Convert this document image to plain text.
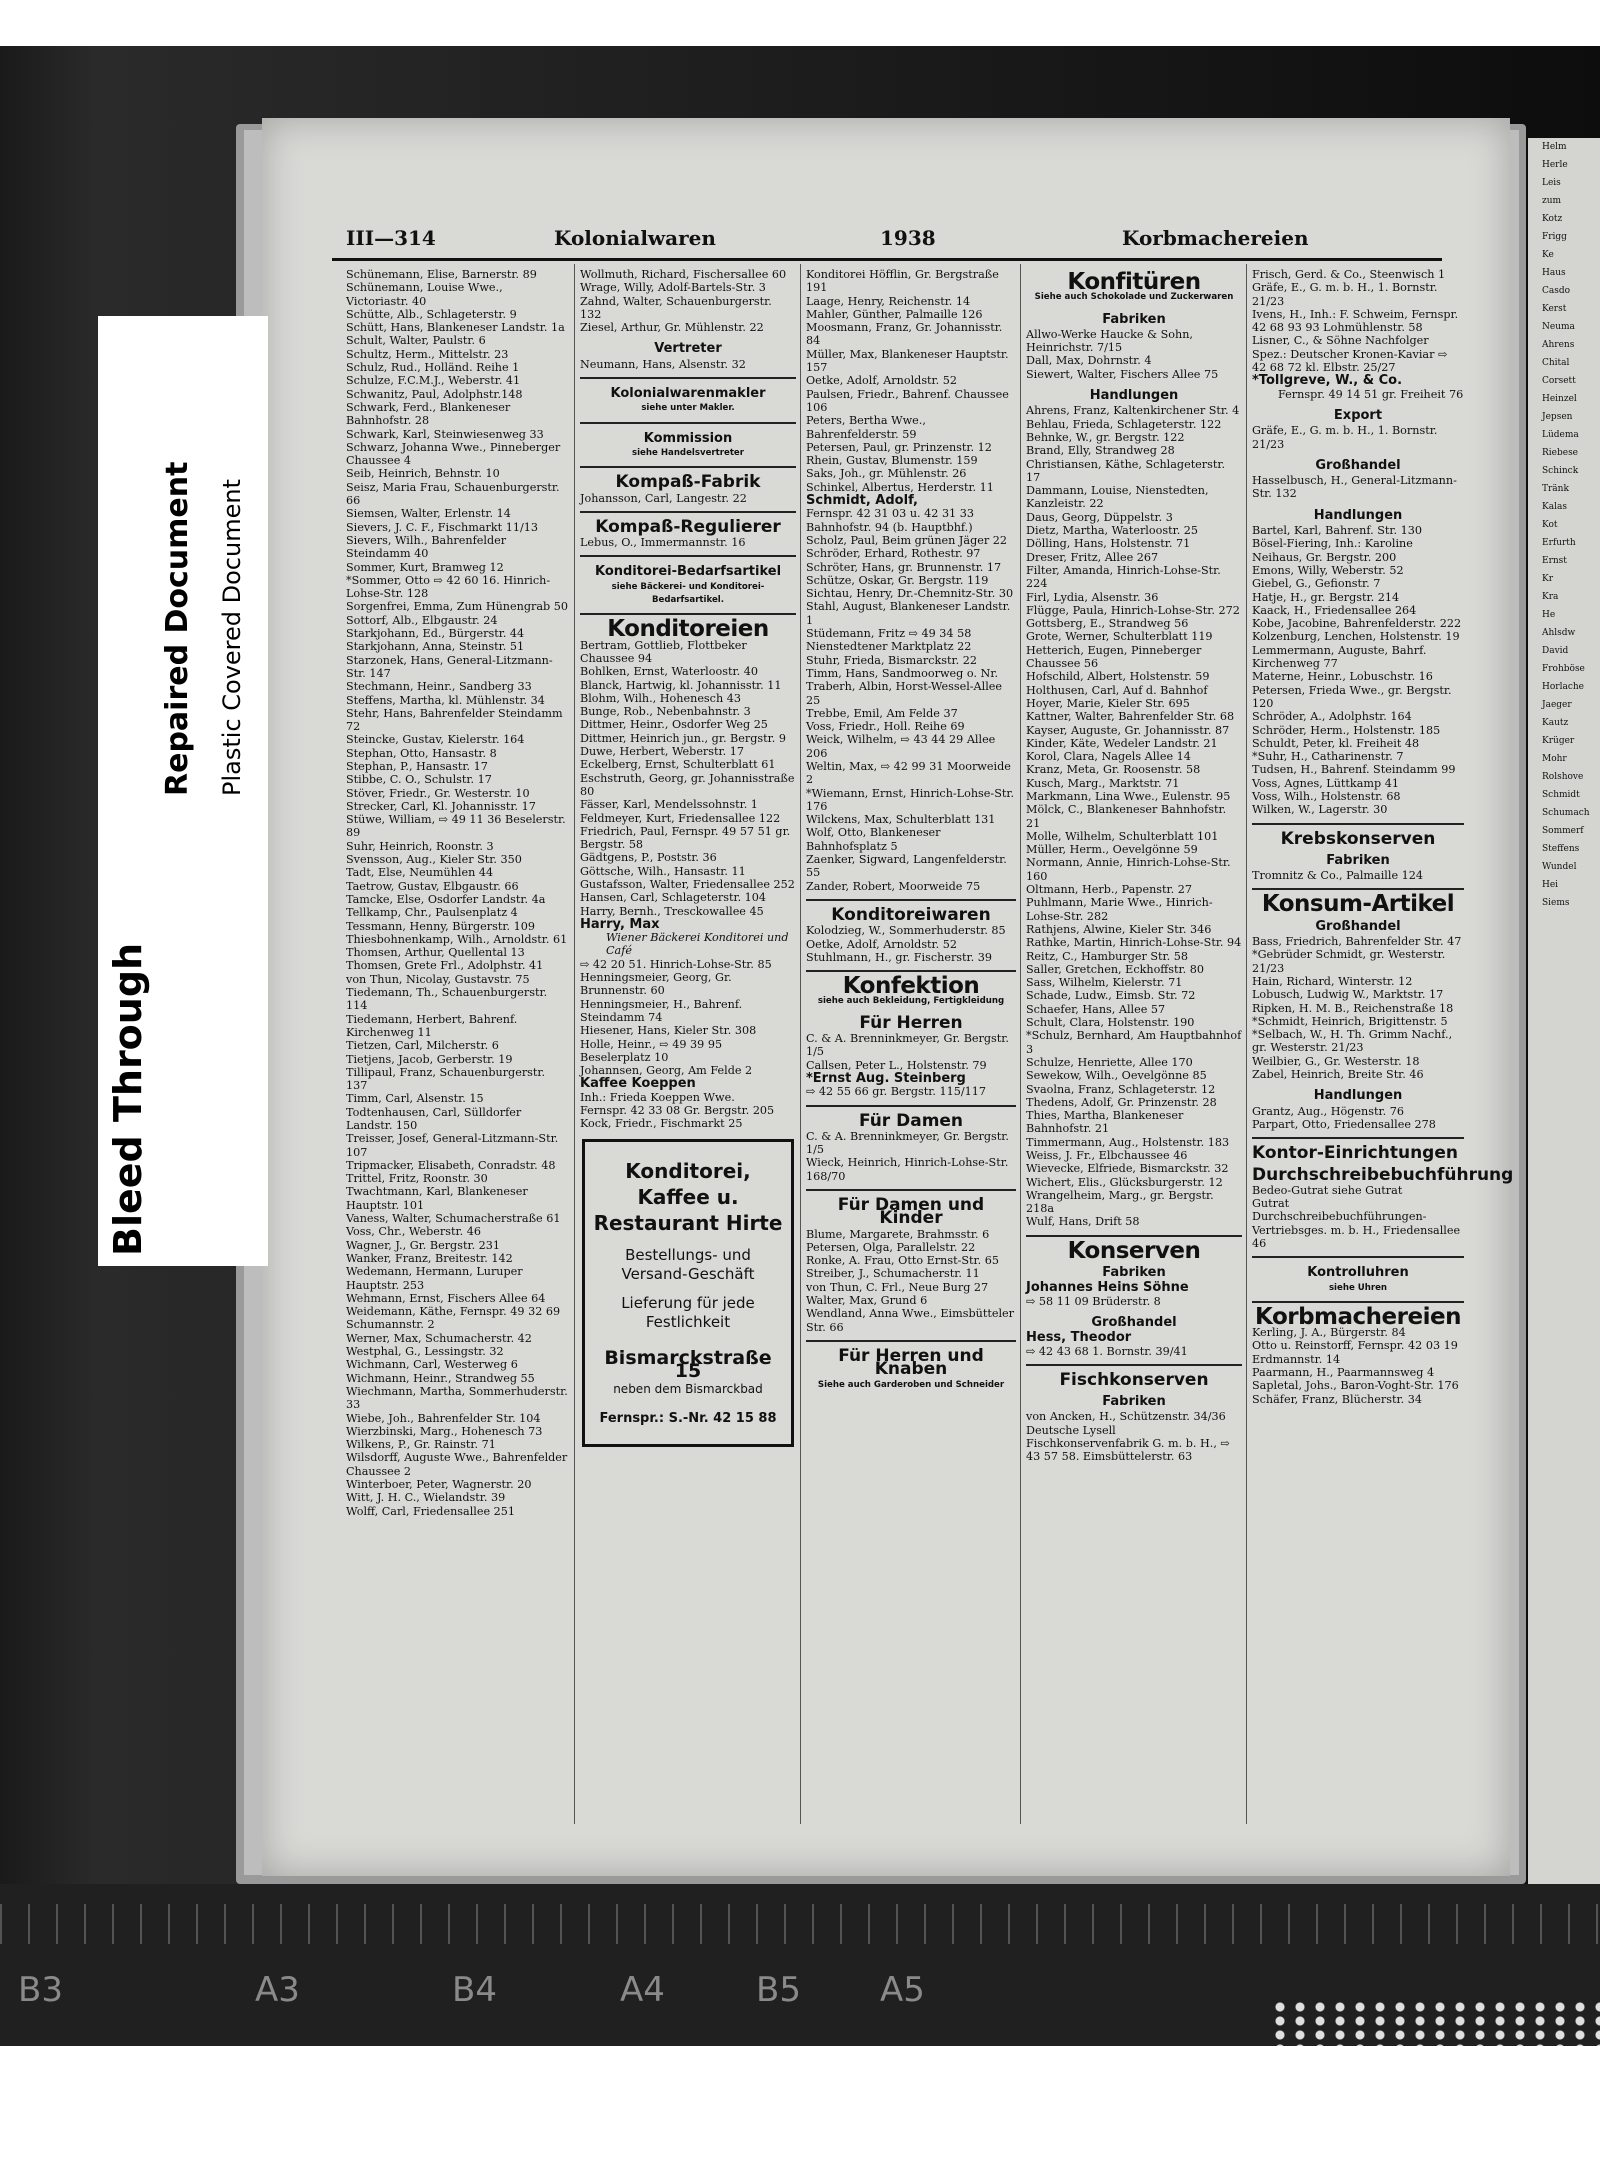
III—314	Kolonialwaren	1938	Korbmachereien

Schünemann, Elise, Barnerstr. 89

Schünemann, Louise Wwe., Victoriastr. 40

Schütte, Alb., Schlageterstr. 9

Schütt, Hans, Blankeneser Landstr. 1a

Schult, Walter, Paulstr. 6

Schultz, Herm., Mittelstr. 23

Schulz, Rud., Holländ. Reihe 1

Schulze, F.C.M.J., Weberstr. 41

Schwanitz, Paul, Adolphstr.148

Schwark, Ferd., Blankeneser Bahnhofstr. 28

Schwark, Karl, Steinwiesenweg 33

Schwarz, Johanna Wwe., Pinneberger Chaussee 4

Seib, Heinrich, Behnstr. 10

Seisz, Maria Frau, Schauenburgerstr. 66

Siemsen, Walter, Erlenstr. 14

Sievers, J. C. F., Fischmarkt 11/13

Sievers, Wilh., Bahrenfelder Steindamm 40

Sommer, Kurt, Bramweg 12

*Sommer, Otto ⇨ 42 60 16. Hinrich-Lohse-Str. 128

Sorgenfrei, Emma, Zum Hünengrab 50

Sottorf, Alb., Elbgaustr. 24

Starkjohann, Ed., Bürgerstr. 44

Starkjohann, Anna, Steinstr. 51

Starzonek, Hans, General-Litzmann-Str. 147

Stechmann, Heinr., Sandberg 33

Steffens, Martha, kl. Mühlenstr. 34

Stehr, Hans, Bahrenfelder Steindamm 72

Steincke, Gustav, Kielerstr. 164

Stephan, Otto, Hansastr. 8

Stephan, P., Hansastr. 17

Stibbe, C. O., Schulstr. 17

Stöver, Friedr., Gr. Westerstr. 10

Strecker, Carl, Kl. Johannisstr. 17

Stüwe, William, ⇨ 49 11 36 Beselerstr. 89

Suhr, Heinrich, Roonstr. 3

Svensson, Aug., Kieler Str. 350

Tadt, Else, Neumühlen 44

Taetrow, Gustav, Elbgaustr. 66

Tamcke, Else, Osdorfer Landstr. 4a

Tellkamp, Chr., Paulsenplatz 4

Tessmann, Henny, Bürgerstr. 109

Thiesbohnenkamp, Wilh., Arnoldstr. 61

Thomsen, Arthur, Quellental 13

Thomsen, Grete Frl., Adolphstr. 41

von Thun, Nicolay, Gustavstr. 75

Tiedemann, Th., Schauenburgerstr. 114

Tiedemann, Herbert, Bahrenf. Kirchenweg 11

Tietzen, Carl, Milcherstr. 6

Tietjens, Jacob, Gerberstr. 19

Tillipaul, Franz, Schauenburgerstr. 137

Timm, Carl, Alsenstr. 15

Todtenhausen, Carl, Sülldorfer Landstr. 150

Treisser, Josef, General-Litzmann-Str. 107

Tripmacker, Elisabeth, Conradstr. 48

Trittel, Fritz, Roonstr. 30

Twachtmann, Karl, Blankeneser Hauptstr. 101

Vaness, Walter, Schumacherstraße 61

Voss, Chr., Weberstr. 46

Wagner, J., Gr. Bergstr. 231

Wanker, Franz, Breitestr. 142

Wedemann, Hermann, Luruper Hauptstr. 253

Wehmann, Ernst, Fischers Allee 64

Weidemann, Käthe, Fernspr. 49 32 69 Schumannstr. 2

Werner, Max, Schumacherstr. 42

Westphal, G., Lessingstr. 32

Wichmann, Carl, Westerweg 6

Wichmann, Heinr., Strandweg 55

Wiechmann, Martha, Sommerhuderstr. 33

Wiebe, Joh., Bahrenfelder Str. 104

Wierzbinski, Marg., Hohenesch 73

Wilkens, P., Gr. Rainstr. 71

Wilsdorff, Auguste Wwe., Bahrenfelder Chaussee 2

Winterboer, Peter, Wagnerstr. 20

Witt, J. H. C., Wielandstr. 39

Wolff, Carl, Friedensallee 251

Wollmuth, Richard, Fischersallee 60

Wrage, Willy, Adolf-Bartels-Str. 3

Zahnd, Walter, Schauenburgerstr. 132

Ziesel, Arthur, Gr. Mühlenstr. 22

Vertreter

Neumann, Hans, Alsenstr. 32

Kolonialwarenmakler
siehe unter Makler.
Kommission
siehe Handelsvertreter
Kompaß-Fabrik

Johansson, Carl, Langestr. 22

Kompaß-Regulierer

Lebus, O., Immermannstr. 16

Konditorei-Bedarfsartikel
siehe Bäckerei- und Konditorei-Bedarfsartikel.
Konditoreien

Bertram, Gottlieb, Flottbeker Chaussee 94

Bohlken, Ernst, Waterloostr. 40

Blanck, Hartwig, kl. Johannisstr. 11

Blohm, Wilh., Hohenesch 43

Bunge, Rob., Nebenbahnstr. 3

Dittmer, Heinr., Osdorfer Weg 25

Dittmer, Heinrich jun., gr. Bergstr. 9

Duwe, Herbert, Weberstr. 17

Eckelberg, Ernst, Schulterblatt 61

Eschstruth, Georg, gr. Johannisstraße 80

Fässer, Karl, Mendelssohnstr. 1

Feldmeyer, Kurt, Friedensallee 122

Friedrich, Paul, Fernspr. 49 57 51 gr. Bergstr. 58

Gädtgens, P., Poststr. 36

Göttsche, Wilh., Hansastr. 11

Gustafsson, Walter, Friedensallee 252

Hansen, Carl, Schlageterstr. 104

Harry, Bernh., Tresckowallee 45

Harry, Max

Wiener Bäckerei Konditorei und Café

⇨ 42 20 51. Hinrich-Lohse-Str. 85

Henningsmeier, Georg, Gr. Brunnenstr. 60

Henningsmeier, H., Bahrenf. Steindamm 74

Hiesener, Hans, Kieler Str. 308

Holle, Heinr., ⇨ 49 39 95 Beselerplatz 10

Johannsen, Georg, Am Felde 2

Kaffee Koeppen

Inh.: Frieda Koeppen Wwe.

Fernspr. 42 33 08 Gr. Bergstr. 205

Kock, Friedr., Fischmarkt 25

Konditorei, Kaffee u. Restaurant Hirte
Bestellungs- und Versand-Geschäft
Lieferung für jede Festlichkeit
Bismarckstraße 15
neben dem Bismarckbad
Fernspr.: S.-Nr. 42 15 88

Konditorei Höfflin, Gr. Bergstraße 191

Laage, Henry, Reichenstr. 14

Mahler, Günther, Palmaille 126

Moosmann, Franz, Gr. Johannisstr. 84

Müller, Max, Blankeneser Hauptstr. 157

Oetke, Adolf, Arnoldstr. 52

Paulsen, Friedr., Bahrenf. Chaussee 106

Peters, Bertha Wwe., Bahrenfelderstr. 59

Petersen, Paul, gr. Prinzenstr. 12

Rhein, Gustav, Blumenstr. 159

Saks, Joh., gr. Mühlenstr. 26

Schinkel, Albertus, Herderstr. 11

Schmidt, Adolf,

Fernspr. 42 31 03 u. 42 31 33

Bahnhofstr. 94 (b. Hauptbhf.)

Scholz, Paul, Beim grünen Jäger 22

Schröder, Erhard, Rothestr. 97

Schröter, Hans, gr. Brunnenstr. 17

Schütze, Oskar, Gr. Bergstr. 119

Sichtau, Henry, Dr.-Chemnitz-Str. 30

Stahl, August, Blankeneser Landstr. 1

Stüdemann, Fritz ⇨ 49 34 58 Nienstedtener Marktplatz 22

Stuhr, Frieda, Bismarckstr. 22

Timm, Hans, Sandmoorweg o. Nr.

Traberh, Albin, Horst-Wessel-Allee 25

Trebbe, Emil, Am Felde 37

Voss, Friedr., Holl. Reihe 69

Weick, Wilhelm, ⇨ 43 44 29 Allee 206

Weltin, Max, ⇨ 42 99 31 Moorweide 2

*Wiemann, Ernst, Hinrich-Lohse-Str. 176

Wilckens, Max, Schulterblatt 131

Wolf, Otto, Blankeneser Bahnhofsplatz 5

Zaenker, Sigward, Langenfelderstr. 55

Zander, Robert, Moorweide 75

Konditoreiwaren

Kolodzieg, W., Sommerhuderstr. 85

Oetke, Adolf, Arnoldstr. 52

Stuhlmann, H., gr. Fischerstr. 39

Konfektion
siehe auch Bekleidung, Fertigkleidung
Für Herren

C. & A. Brenninkmeyer, Gr. Bergstr. 1/5

Callsen, Peter L., Holstenstr. 79

*Ernst Aug. Steinberg

⇨ 42 55 66 gr. Bergstr. 115/117

Für Damen

C. & A. Brenninkmeyer, Gr. Bergstr. 1/5

Wieck, Heinrich, Hinrich-Lohse-Str. 168/70

Für Damen und Kinder

Blume, Margarete, Brahmsstr. 6

Petersen, Olga, Parallelstr. 22

Ronke, A. Frau, Otto Ernst-Str. 65

Streiber, J., Schumacherstr. 11

von Thun, C. Frl., Neue Burg 27

Walter, Max, Grund 6

Wendland, Anna Wwe., Eimsbütteler Str. 66

Für Herren und Knaben
Siehe auch Garderoben und Schneider
Konfitüren
Siehe auch Schokolade und Zuckerwaren
Fabriken

Allwo-Werke Haucke & Sohn, Heinrichstr. 7/15

Dall, Max, Dohrnstr. 4

Siewert, Walter, Fischers Allee 75

Handlungen

Ahrens, Franz, Kaltenkirchener Str. 4

Behlau, Frieda, Schlageterstr. 122

Behnke, W., gr. Bergstr. 122

Brand, Elly, Strandweg 28

Christiansen, Käthe, Schlageterstr. 17

Dammann, Louise, Nienstedten, Kanzleistr. 22

Daus, Georg, Düppelstr. 3

Dietz, Martha, Waterloostr. 25

Dölling, Hans, Holstenstr. 71

Dreser, Fritz, Allee 267

Filter, Amanda, Hinrich-Lohse-Str. 224

Firl, Lydia, Alsenstr. 36

Flügge, Paula, Hinrich-Lohse-Str. 272

Gottsberg, E., Strandweg 56

Grote, Werner, Schulterblatt 119

Hetterich, Eugen, Pinneberger Chaussee 56

Hofschild, Albert, Holstenstr. 59

Holthusen, Carl, Auf d. Bahnhof

Hoyer, Marie, Kieler Str. 695

Kattner, Walter, Bahrenfelder Str. 68

Kayser, Auguste, Gr. Johannisstr. 87

Kinder, Käte, Wedeler Landstr. 21

Korol, Clara, Nagels Allee 14

Kranz, Meta, Gr. Roosenstr. 58

Kusch, Marg., Marktstr. 71

Markmann, Lina Wwe., Eulenstr. 95

Mölck, C., Blankeneser Bahnhofstr. 21

Molle, Wilhelm, Schulterblatt 101

Müller, Herm., Oevelgönne 59

Normann, Annie, Hinrich-Lohse-Str. 160

Oltmann, Herb., Papenstr. 27

Puhlmann, Marie Wwe., Hinrich-Lohse-Str. 282

Rathjens, Alwine, Kieler Str. 346

Rathke, Martin, Hinrich-Lohse-Str. 94

Reitz, C., Hamburger Str. 58

Saller, Gretchen, Eckhoffstr. 80

Sass, Wilhelm, Kielerstr. 71

Schade, Ludw., Eimsb. Str. 72

Schaefer, Hans, Allee 57

Schult, Clara, Holstenstr. 190

*Schulz, Bernhard, Am Hauptbahnhof 3

Schulze, Henriette, Allee 170

Sewekow, Wilh., Oevelgönne 85

Svaolna, Franz, Schlageterstr. 12

Thedens, Adolf, Gr. Prinzenstr. 28

Thies, Martha, Blankeneser Bahnhofstr. 21

Timmermann, Aug., Holstenstr. 183

Weiss, J. Fr., Elbchaussee 46

Wievecke, Elfriede, Bismarckstr. 32

Wichert, Elis., Glücksburgerstr. 12

Wrangelheim, Marg., gr. Bergstr. 218a

Wulf, Hans, Drift 58

Konserven
Fabriken

Johannes Heins Söhne

⇨ 58 11 09 Brüderstr. 8

Großhandel

Hess, Theodor

⇨ 42 43 68 1. Bornstr. 39/41

Fischkonserven
Fabriken

von Ancken, H., Schützenstr. 34/36

Deutsche Lysell Fischkonservenfabrik G. m. b. H., ⇨ 43 57 58. Eimsbüttelerstr. 63

Frisch, Gerd. & Co., Steenwisch 1

Gräfe, E., G. m. b. H., 1. Bornstr. 21/23

Ivens, H., Inh.: F. Schweim, Fernspr. 42 68 93 93 Lohmühlenstr. 58

Lisner, C., & Söhne Nachfolger Spez.: Deutscher Kronen-Kaviar ⇨ 42 68 72 kl. Elbstr. 25/27

*Tollgreve, W., & Co.

Fernspr. 49 14 51 gr. Freiheit 76

Export

Gräfe, E., G. m. b. H., 1. Bornstr. 21/23

Großhandel

Hasselbusch, H., General-Litzmann-Str. 132

Handlungen

Bartel, Karl, Bahrenf. Str. 130

Bösel-Fiering, Inh.: Karoline Neihaus, Gr. Bergstr. 200

Emons, Willy, Weberstr. 52

Giebel, G., Gefionstr. 7

Hatje, H., gr. Bergstr. 214

Kaack, H., Friedensallee 264

Kobe, Jacobine, Bahrenfelderstr. 222

Kolzenburg, Lenchen, Holstenstr. 19

Lemmermann, Auguste, Bahrf. Kirchenweg 77

Materne, Heinr., Lobuschstr. 16

Petersen, Frieda Wwe., gr. Bergstr. 120

Schröder, A., Adolphstr. 164

Schröder, Herm., Holstenstr. 185

Schuldt, Peter, kl. Freiheit 48

*Suhr, H., Catharinenstr. 7

Tudsen, H., Bahrenf. Steindamm 99

Voss, Agnes, Lüttkamp 41

Voss, Wilh., Holstenstr. 68

Wilken, W., Lagerstr. 30

Krebskonserven
Fabriken

Tromnitz & Co., Palmaille 124

Konsum-Artikel
Großhandel

Bass, Friedrich, Bahrenfelder Str. 47

*Gebrüder Schmidt, gr. Westerstr. 21/23

Hain, Richard, Winterstr. 12

Lobusch, Ludwig W., Marktstr. 17

Ripken, H. M. B., Reichenstraße 18

*Schmidt, Heinrich, Brigittenstr. 5

*Selbach, W., H. Th. Grimm Nachf., gr. Westerstr. 21/23

Weilbier, G., Gr. Westerstr. 18

Zabel, Heinrich, Breite Str. 46

Handlungen

Grantz, Aug., Högenstr. 76

Parpart, Otto, Friedensallee 278

Kontor-Einrichtungen
Durchschreibebuchführung

Bedeo-Gutrat siehe Gutrat

Gutrat Durchschreibebuchführungen-Vertriebsges. m. b. H., Friedensallee 46

Kontrolluhren
siehe Uhren
Korbmachereien

Kerling, J. A., Bürgerstr. 84

Otto u. Reinstorff, Fernspr. 42 03 19 Erdmannstr. 14

Paarmann, H., Paarmannsweg 4

Sapletal, Johs., Baron-Voght-Str. 176

Schäfer, Franz, Blücherstr. 34

Helm
Herle
Leis
zum
Kotz
Frigg
Ke
Haus
Casdo
Kerst
Neuma
Ahrens
Chital
Corsett
Heinzel
Jepsen
Lüdema
Riebese
Schinck
Tränk
Kalas
Kot
Erfurth
Ernst
Kr
Kra
He
Ahlsdw
David
Frohböse
Horlache
Jaeger
Kautz
Krüger
Mohr
Rolshove
Schmidt
Schumach
Sommerf
Steffens
Wundel
Hei
Siems
Bleed Through
Repaired Document Plastic Covered Document
B3	A3	B4	A4	B5 A5
